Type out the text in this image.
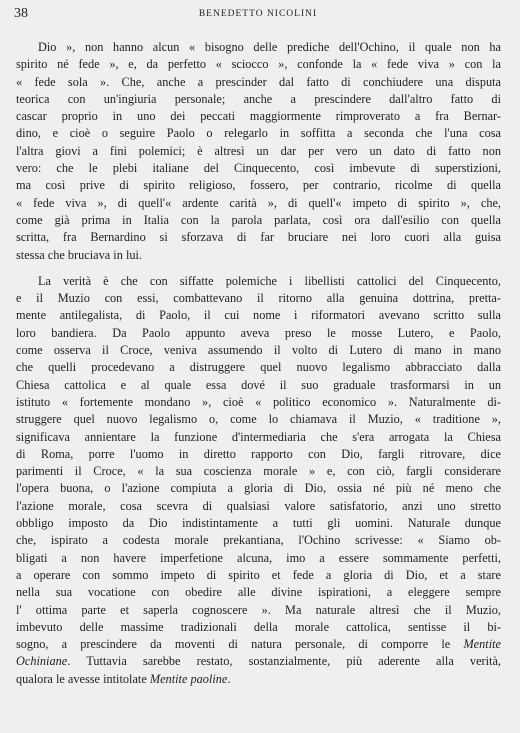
38	BENEDETTO NICOLINI
Dio », non hanno alcun « bisogno delle prediche dell'Ochino, il quale non ha
spirito né fede », e, da perfetto « sciocco », confonde la « fede viva » con la
« fede sola ». Che, anche a prescinder dal fatto di conchiudere una disputa
teorica con un'ingiuria personale; anche a prescindere dall'altro fatto di
cascar proprio in uno dei peccati maggiormente rimproverato a fra Bernar-
dino, e cioè o seguire Paolo o relegarlo in soffitta a seconda che l'una cosa
l'altra giovi a fini polemici; è altresì un dar per vero un dato di fatto non
vero: che le plebi italiane del Cinquecento, così imbevute di superstizioni,
ma così prive di spirito religioso, fossero, per contrario, ricolme di quella
« fede viva », di quell'« ardente carità », di quell'« impeto di spirito », che,
come già prima in Italia con la parola parlata, così ora dall'esilio con quella
scritta, fra Bernardino si sforzava di far bruciare nei loro cuori alla guisa
stessa che bruciava in lui.
La verità è che con siffatte polemiche i libellisti cattolici del Cinquecento,
e il Muzio con essi, combattevano il ritorno alla genuina dottrina, pretta-
mente antilegalista, di Paolo, il cui nome i riformatori avevano scritto sulla
loro bandiera. Da Paolo appunto aveva preso le mosse Lutero, e Paolo,
come osserva il Croce, veniva assumendo il volto di Lutero di mano in mano
che quelli procedevano a distruggere quel nuovo legalismo abbracciato dalla
Chiesa cattolica e al quale essa dové il suo graduale trasformarsi in un
istituto « fortemente mondano », cioè « politico economico ». Naturalmente di-
struggere quel nuovo legalismo o, come lo chiamava il Muzio, « traditione »,
significava annientare la funzione d'intermediaria che s'era arrogata la Chiesa
di Roma, porre l'uomo in diretto rapporto con Dio, fargli ritrovare, dice
parimenti il Croce, « la sua coscienza morale » e, con ciò, fargli considerare
l'opera buona, o l'azione compiuta a gloria di Dio, ossia né più né meno che
l'azione morale, cosa scevra di qualsiasi valore satisfatorio, anzi uno stretto
obbligo imposto da Dio indistintamente a tutti gli uomini. Naturale dunque
che, ispirato a codesta morale prekantiana, l'Ochino scrivesse: « Siamo ob-
bligati a non havere imperfetione alcuna, imo a essere sommamente perfetti,
a operare con sommo impeto di spirito et fede a gloria di Dio, et a stare
nella sua vocatione con obedire alle divine ispirationi, a eleggere sempre
l' ottima parte et saperla cognoscere ». Ma naturale altresì che il Muzio,
imbevuto delle massime tradizionali della morale cattolica, sentisse il bi-
sogno, a prescindere da moventi di natura personale, di comporre le Mentite
Ochiniane. Tuttavia sarebbe restato, sostanzialmente, più aderente alla verità,
qualora le avesse intitolate Mentite paoline.
